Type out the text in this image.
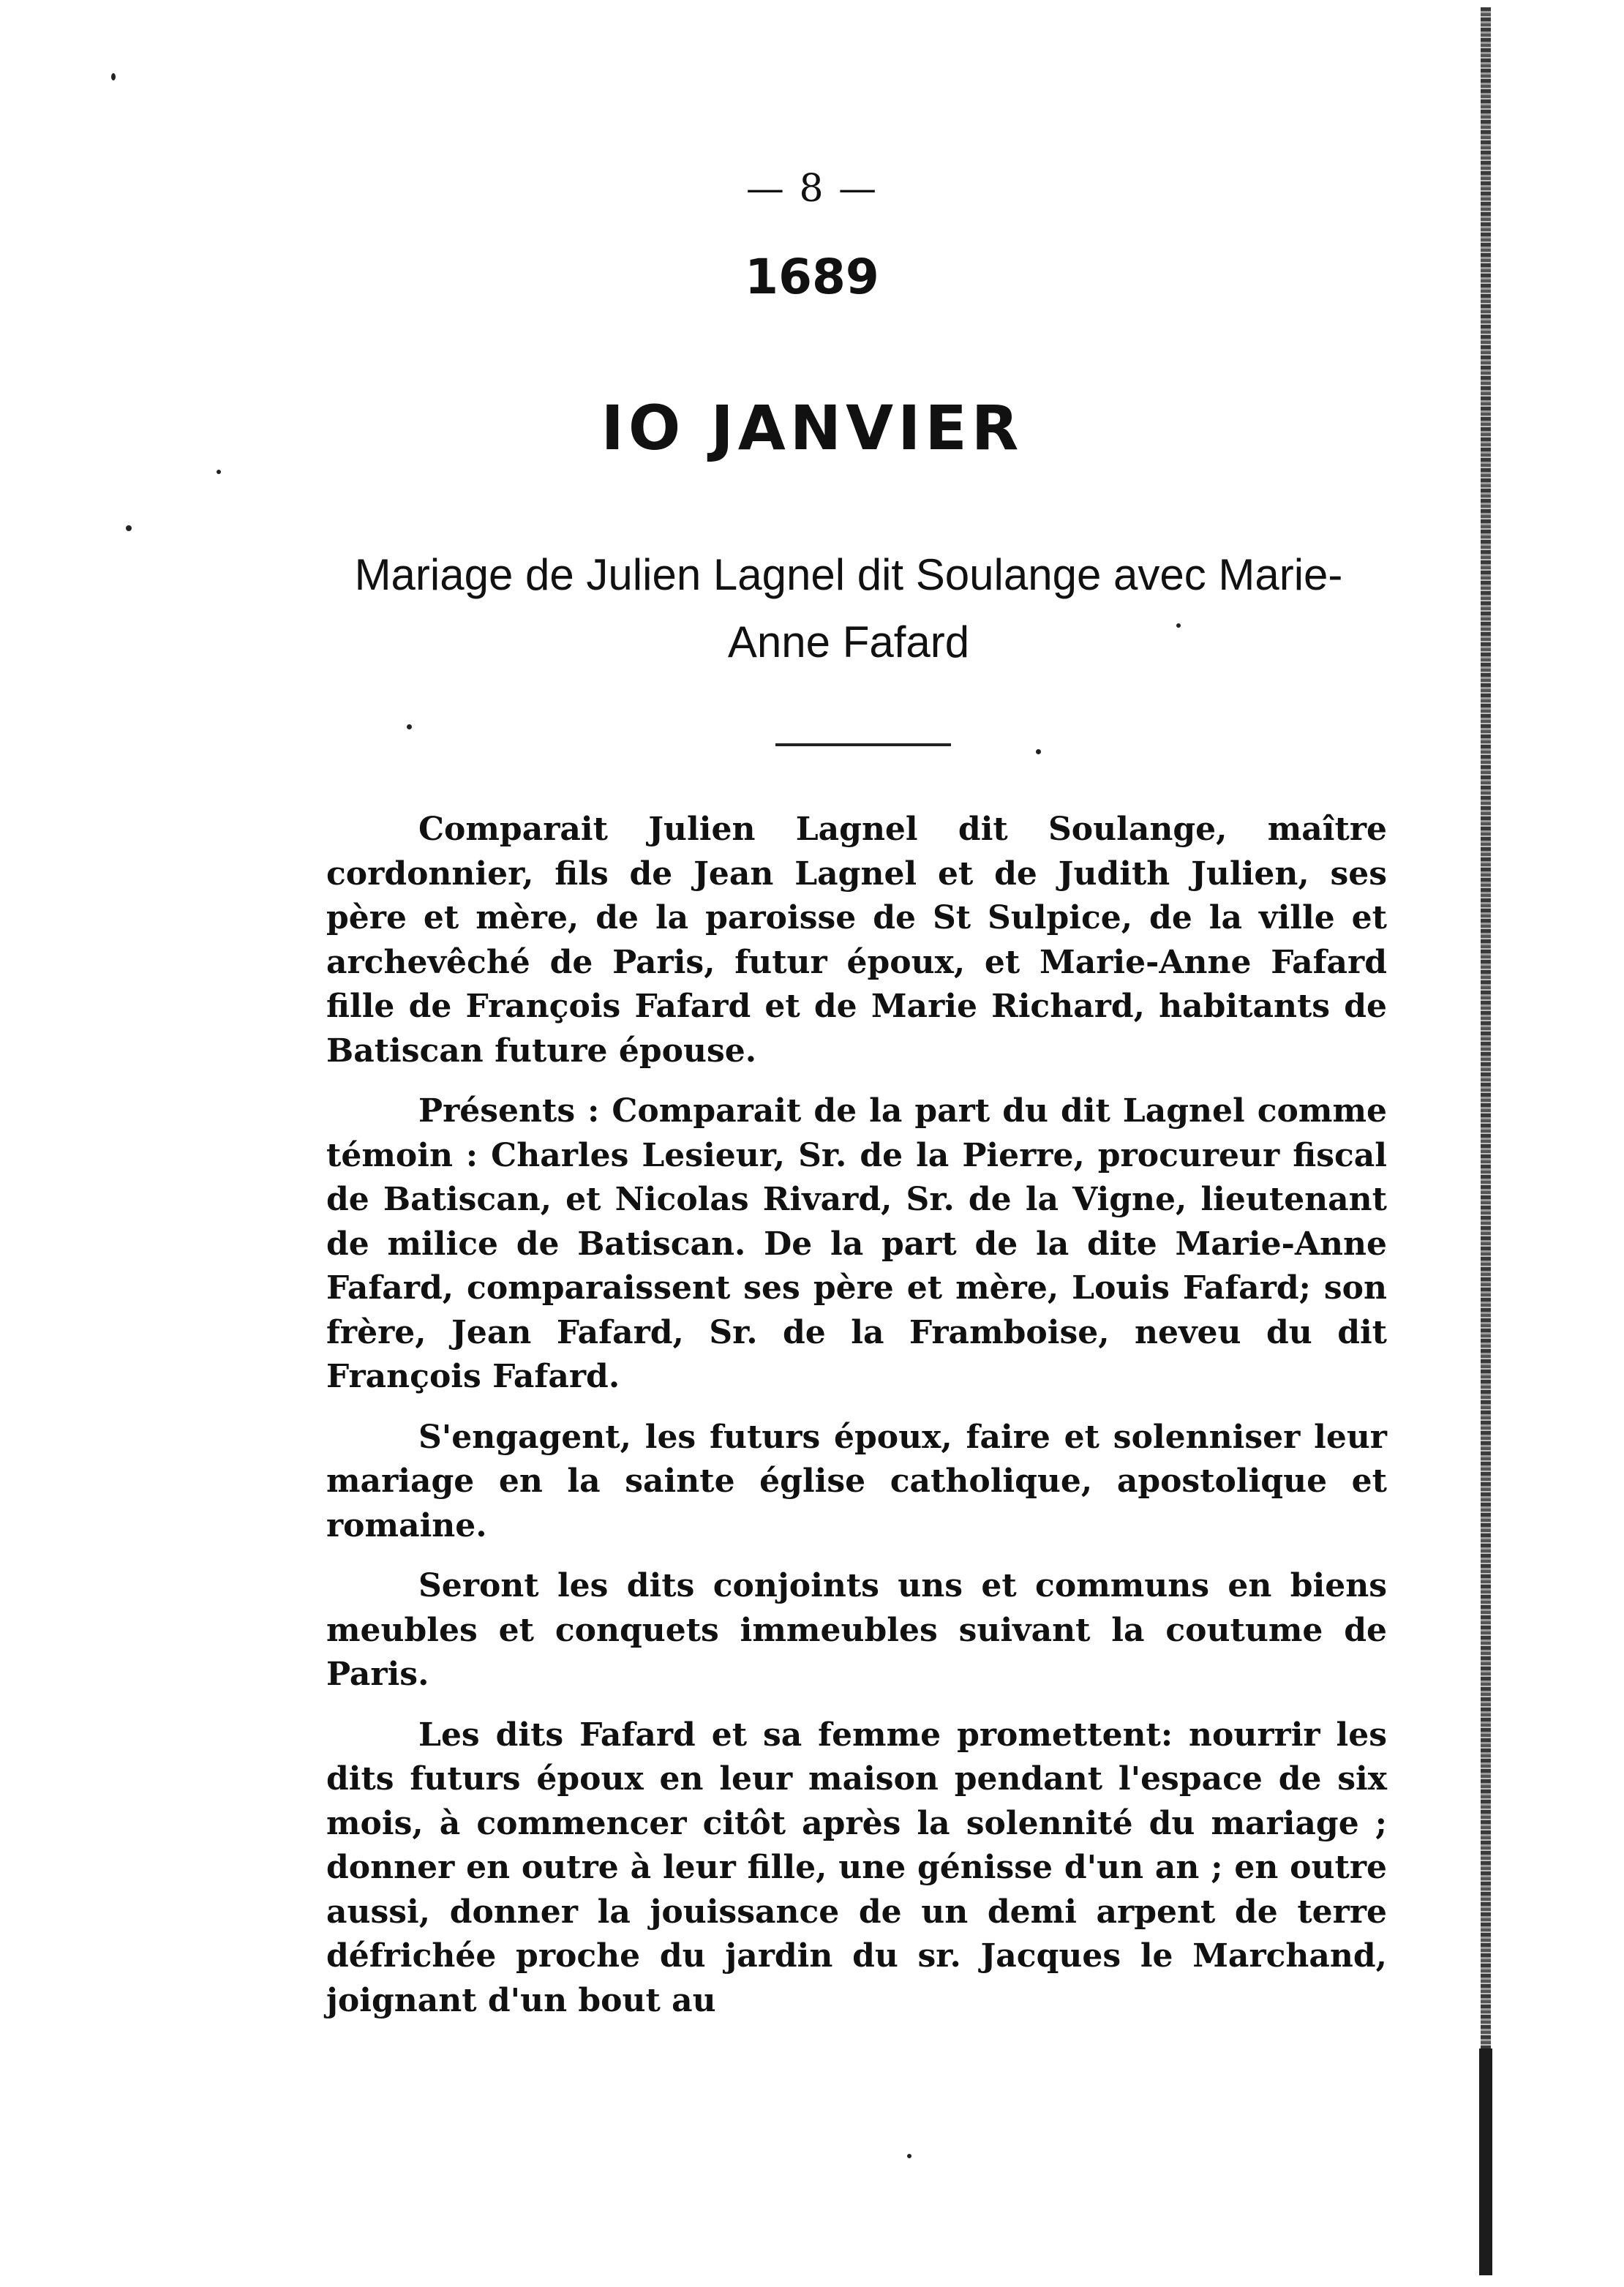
— 8 —
1689
IO JANVIER
Mariage de Julien Lagnel dit Soulange avec Marie-
Anne Fafard

Comparait Julien Lagnel dit Soulange, maître cordonnier, fils de Jean Lagnel et de Judith Julien, ses père et mère, de la paroisse de St Sulpice, de la ville et archevêché de Paris, futur époux, et Marie-Anne Fafard fille de François Fafard et de Marie Richard, habitants de Batiscan future épouse.

Présents : Comparait de la part du dit Lagnel comme témoin : Charles Lesieur, Sr. de la Pierre, procureur fiscal de Batiscan, et Nicolas Rivard, Sr. de la Vigne, lieutenant de milice de Batiscan. De la part de la dite Marie-Anne Fafard, comparaissent ses père et mère, Louis Fafard; son frère, Jean Fafard, Sr. de la Framboise, neveu du dit François Fafard.

S'engagent, les futurs époux, faire et solenniser leur mariage en la sainte église catholique, apostolique et romaine.

Seront les dits conjoints uns et communs en biens meubles et conquets immeubles suivant la coutume de Paris.

Les dits Fafard et sa femme promettent: nourrir les dits futurs époux en leur maison pendant l'espace de six mois, à commencer citôt après la solennité du mariage ; donner en outre à leur fille, une génisse d'un an ; en outre aussi, donner la jouissance de un demi arpent de terre défrichée proche du jardin du sr. Jacques le Marchand, joignant d'un bout au
